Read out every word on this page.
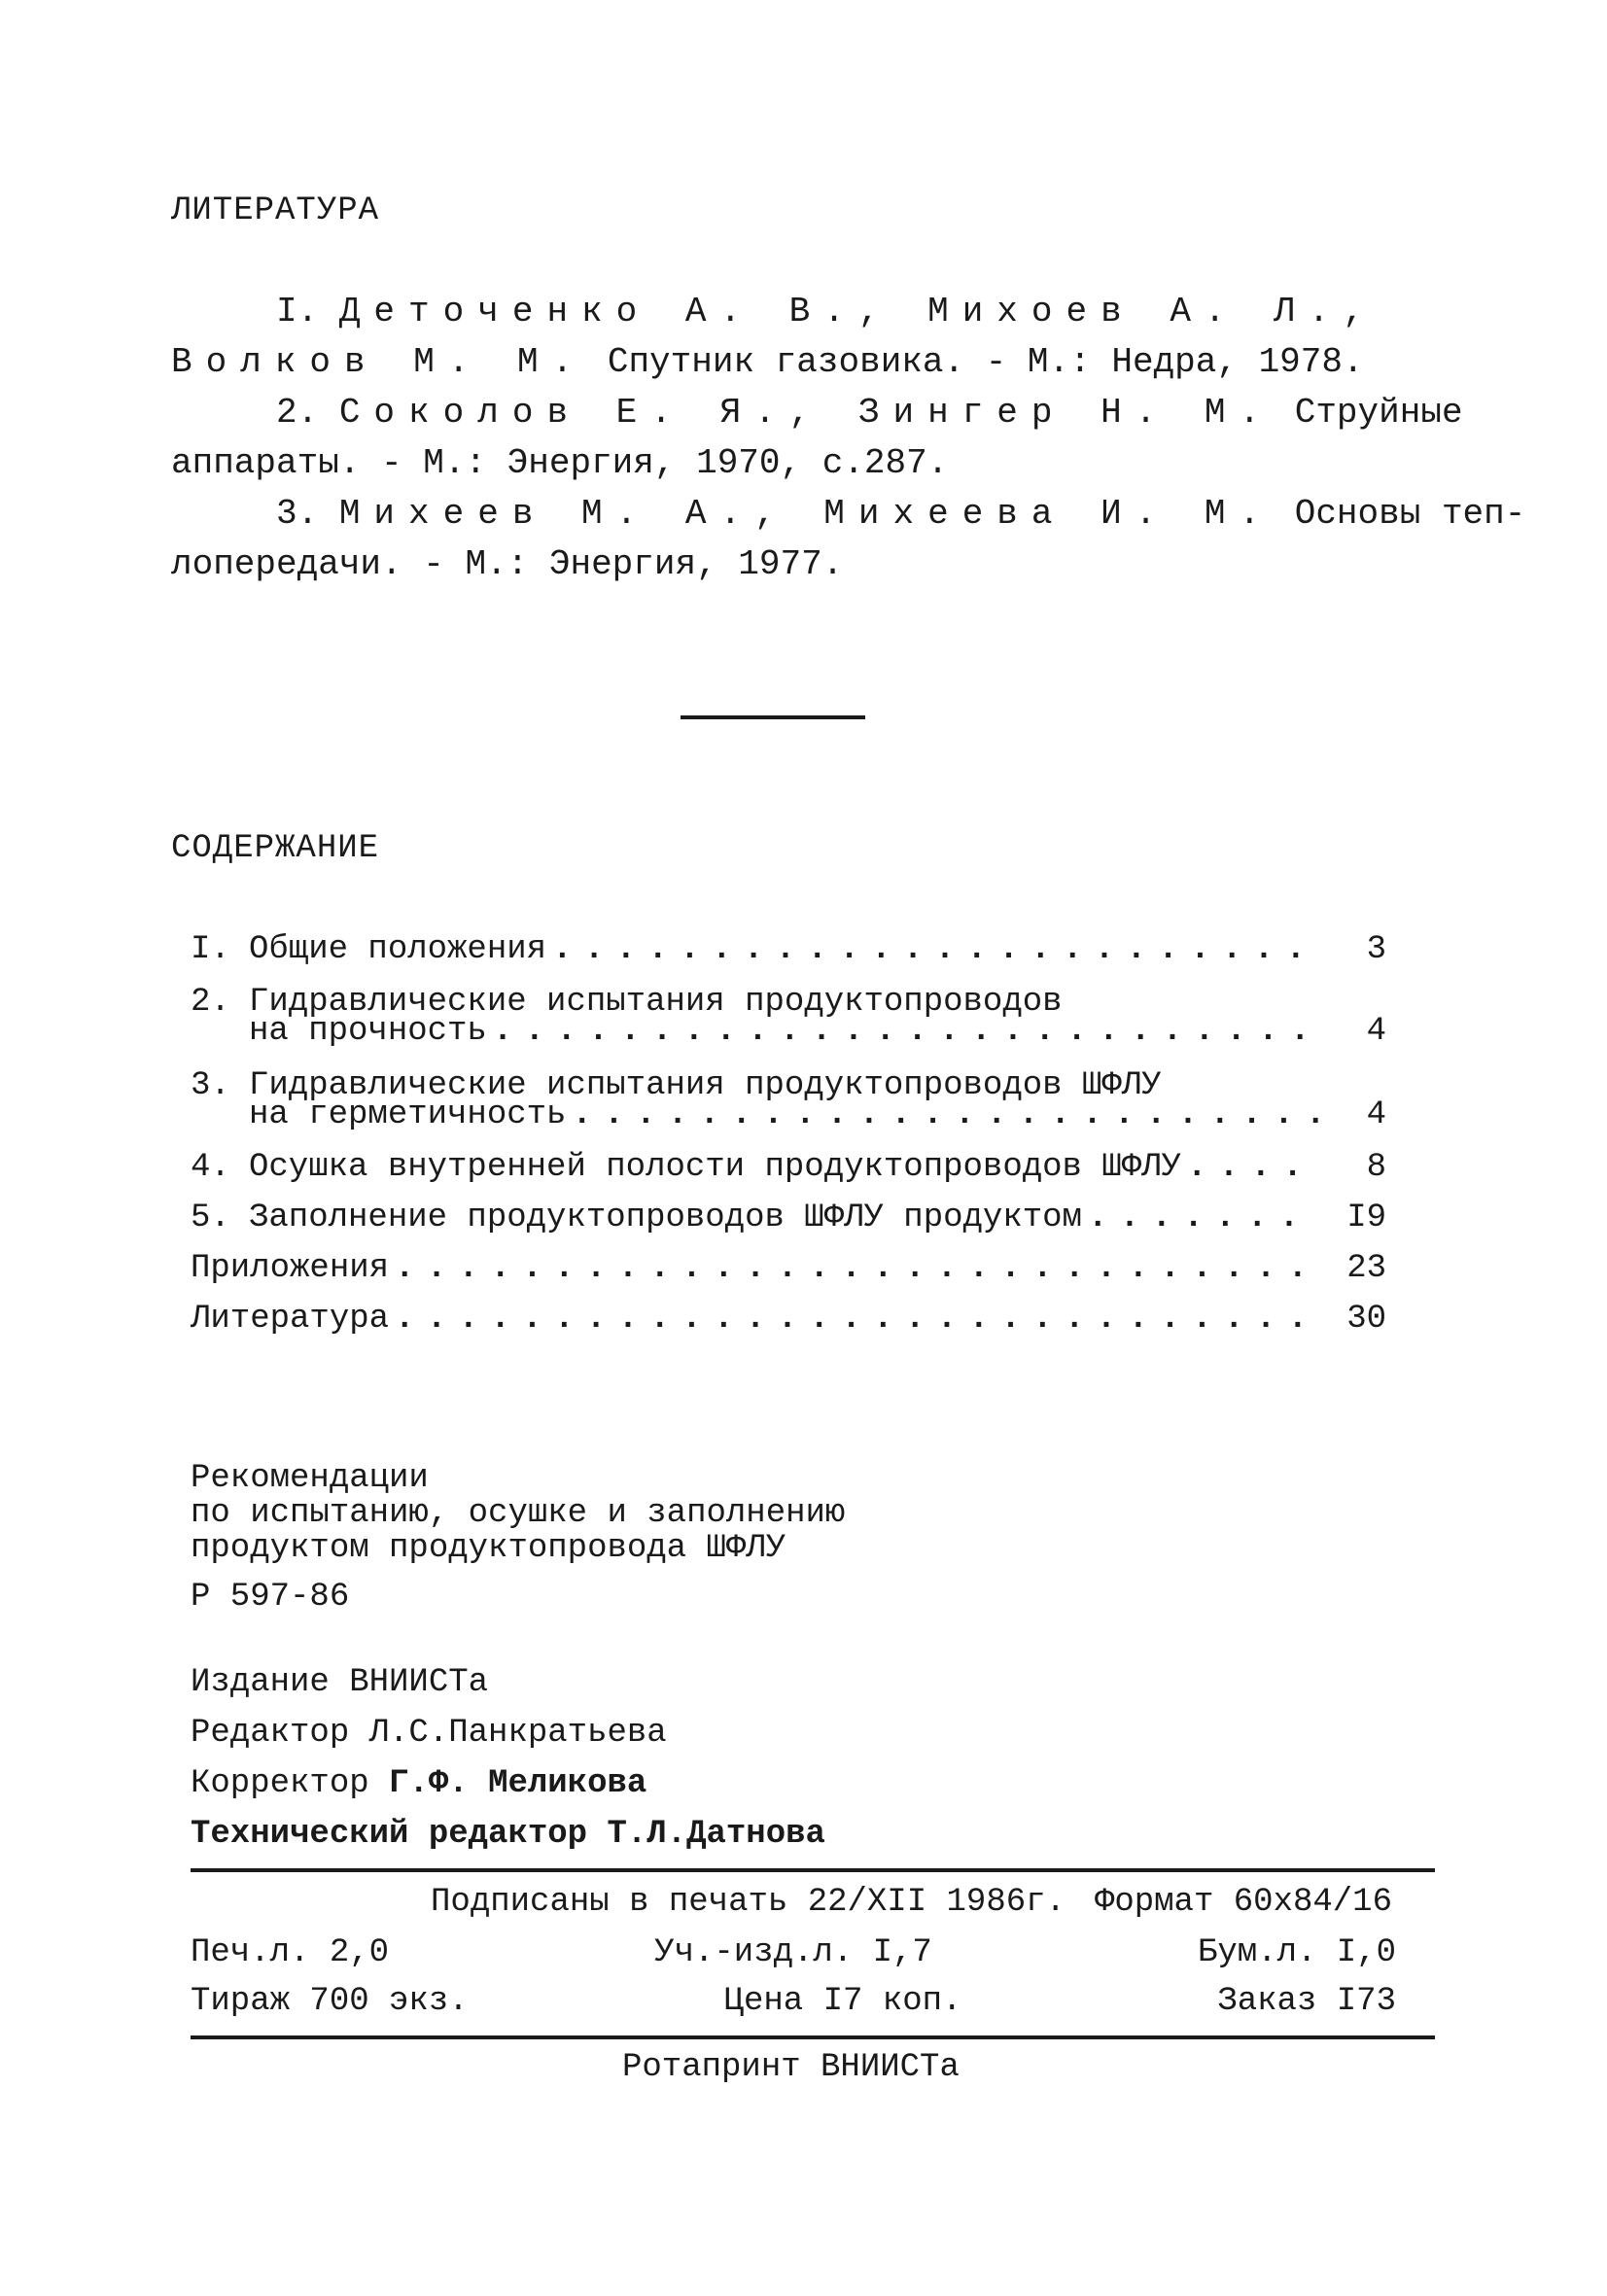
ЛИТЕРАТУРА
I. Деточенко А. В., Михоев А. Л.,
Волков М. М. Спутник газовика. - М.: Недра, 1978.
2. Соколов Е. Я., Зингер Н. М. Струйные
аппараты. - М.: Энергия, 1970, с.287.
3. Михеев М. А., Михеева И. М. Основы теп-
лопередачи. - М.: Энергия, 1977.
СОДЕРЖАНИЕ
I. Общие положения . . .	3
2. Гидравлические испытания продуктопроводов
на прочность . . .	4
3. Гидравлические испытания продуктопроводов ШФЛУ
на герметичность . . .	4
4. Осушка внутренней полости продуктопроводов ШФЛУ . . .	8
5. Заполнение продуктопроводов ШФЛУ продуктом . . .	I9
Приложения . . .	23
Литература . . .	30
Рекомендации
по испытанию, осушке и заполнению
продуктом продуктопровода ШФЛУ
Р 597-86
Издание ВНИИСТа
Редактор Л.С.Панкратьева
Корректор Г.Ф. Меликова
Технический редактор Т.Л.Датнова
Подписаны в печать 22/XII 1986г. Формат 60х84/16
Печ.л. 2,0	Уч.-изд.л. I,7	Бум.л. I,0
Тираж 700 экз.	Цена I7 коп.	Заказ I73
Ротапринт ВНИИСТа
